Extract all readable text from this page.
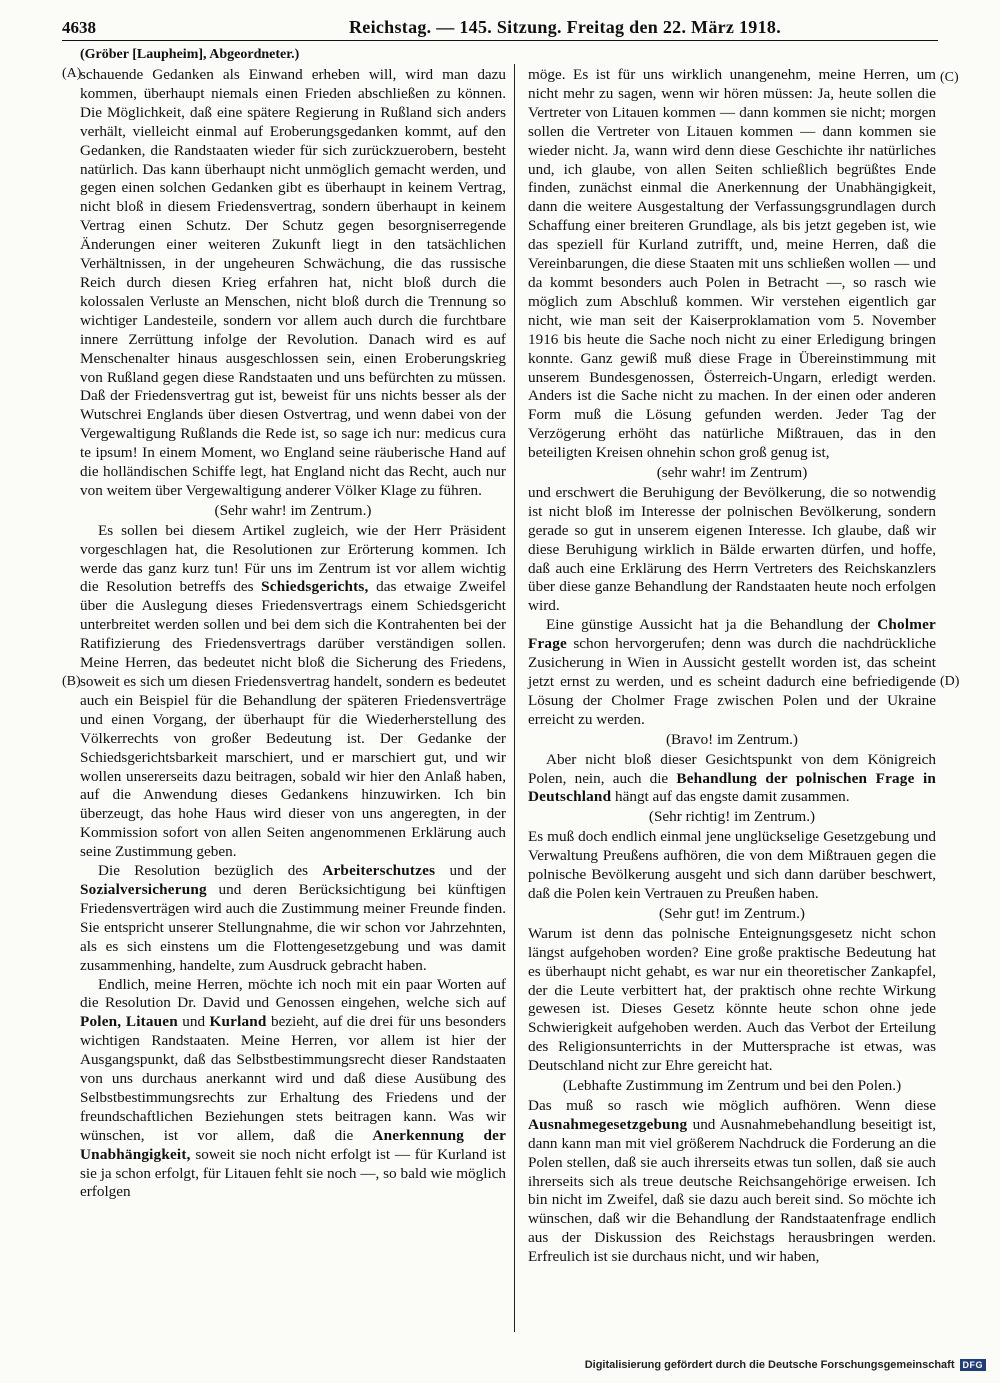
4638	Reichstag. — 145. Sitzung. Freitag den 22. März 1918.
(Gröber [Laupheim], Abgeordneter.)
(A)
(B)
(C)
(D)

schauende Gedanken als Einwand erheben will, wird man dazu kommen, überhaupt niemals einen Frieden abschließen zu können. Die Möglichkeit, daß eine spätere Regierung in Rußland sich anders verhält, vielleicht einmal auf Eroberungsgedanken kommt, auf den Gedanken, die Randstaaten wieder für sich zurückzuerobern, besteht natürlich. Das kann überhaupt nicht unmöglich gemacht werden, und gegen einen solchen Gedanken gibt es überhaupt in keinem Vertrag, nicht bloß in diesem Friedensvertrag, sondern überhaupt in keinem Vertrag einen Schutz. Der Schutz gegen besorgniserregende Änderungen einer weiteren Zukunft liegt in den tatsächlichen Verhältnissen, in der ungeheuren Schwächung, die das russische Reich durch diesen Krieg erfahren hat, nicht bloß durch die kolossalen Verluste an Menschen, nicht bloß durch die Trennung so wichtiger Landesteile, sondern vor allem auch durch die furchtbare innere Zerrüttung infolge der Revolution. Danach wird es auf Menschenalter hinaus ausgeschlossen sein, einen Eroberungskrieg von Rußland gegen diese Randstaaten und uns befürchten zu müssen. Daß der Friedensvertrag gut ist, beweist für uns nichts besser als der Wutschrei Englands über diesen Ostvertrag, und wenn dabei von der Vergewaltigung Rußlands die Rede ist, so sage ich nur: medicus cura te ipsum! In einem Moment, wo England seine räuberische Hand auf die holländischen Schiffe legt, hat England nicht das Recht, auch nur von weitem über Vergewaltigung anderer Völker Klage zu führen.

(Sehr wahr! im Zentrum.)

Es sollen bei diesem Artikel zugleich, wie der Herr Präsident vorgeschlagen hat, die Resolutionen zur Erörterung kommen. Ich werde das ganz kurz tun! Für uns im Zentrum ist vor allem wichtig die Resolution betreffs des Schiedsgerichts, das etwaige Zweifel über die Auslegung dieses Friedensvertrags einem Schiedsgericht unterbreitet werden sollen und bei dem sich die Kontrahenten bei der Ratifizierung des Friedensvertrags darüber verständigen sollen. Meine Herren, das bedeutet nicht bloß die Sicherung des Friedens, soweit es sich um diesen Friedensvertrag handelt, sondern es bedeutet auch ein Beispiel für die Behandlung der späteren Friedensverträge und einen Vorgang, der überhaupt für die Wiederherstellung des Völkerrechts von großer Bedeutung ist. Der Gedanke der Schiedsgerichtsbarkeit marschiert, und er marschiert gut, und wir wollen unsererseits dazu beitragen, sobald wir hier den Anlaß haben, auf die Anwendung dieses Gedankens hinzuwirken. Ich bin überzeugt, das hohe Haus wird dieser von uns angeregten, in der Kommission sofort von allen Seiten angenommenen Erklärung auch seine Zustimmung geben.

Die Resolution bezüglich des Arbeiterschutzes und der Sozialversicherung und deren Berücksichtigung bei künftigen Friedensverträgen wird auch die Zustimmung meiner Freunde finden. Sie entspricht unserer Stellungnahme, die wir schon vor Jahrzehnten, als es sich einstens um die Flottengesetzgebung und was damit zusammenhing, handelte, zum Ausdruck gebracht haben.

Endlich, meine Herren, möchte ich noch mit ein paar Worten auf die Resolution Dr. David und Genossen eingehen, welche sich auf Polen, Litauen und Kurland bezieht, auf die drei für uns besonders wichtigen Randstaaten. Meine Herren, vor allem ist hier der Ausgangspunkt, daß das Selbstbestimmungsrecht dieser Randstaaten von uns durchaus anerkannt wird und daß diese Ausübung des Selbstbestimmungsrechts zur Erhaltung des Friedens und der freundschaftlichen Beziehungen stets beitragen kann. Was wir wünschen, ist vor allem, daß die Anerkennung der Unabhängigkeit, soweit sie noch nicht erfolgt ist — für Kurland ist sie ja schon erfolgt, für Litauen fehlt sie noch —, so bald wie möglich erfolgen

möge. Es ist für uns wirklich unangenehm, meine Herren, um nicht mehr zu sagen, wenn wir hören müssen: Ja, heute sollen die Vertreter von Litauen kommen — dann kommen sie nicht; morgen sollen die Vertreter von Litauen kommen — dann kommen sie wieder nicht. Ja, wann wird denn diese Geschichte ihr natürliches und, ich glaube, von allen Seiten schließlich begrüßtes Ende finden, zunächst einmal die Anerkennung der Unabhängigkeit, dann die weitere Ausgestaltung der Verfassungsgrundlagen durch Schaffung einer breiteren Grundlage, als bis jetzt gegeben ist, wie das speziell für Kurland zutrifft, und, meine Herren, daß die Vereinbarungen, die diese Staaten mit uns schließen wollen — und da kommt besonders auch Polen in Betracht —, so rasch wie möglich zum Abschluß kommen. Wir verstehen eigentlich gar nicht, wie man seit der Kaiserproklamation vom 5. November 1916 bis heute die Sache noch nicht zu einer Erledigung bringen konnte. Ganz gewiß muß diese Frage in Übereinstimmung mit unserem Bundesgenossen, Österreich-Ungarn, erledigt werden. Anders ist die Sache nicht zu machen. In der einen oder anderen Form muß die Lösung gefunden werden. Jeder Tag der Verzögerung erhöht das natürliche Mißtrauen, das in den beteiligten Kreisen ohnehin schon groß genug ist,

(sehr wahr! im Zentrum)

und erschwert die Beruhigung der Bevölkerung, die so notwendig ist nicht bloß im Interesse der polnischen Bevölkerung, sondern gerade so gut in unserem eigenen Interesse. Ich glaube, daß wir diese Beruhigung wirklich in Bälde erwarten dürfen, und hoffe, daß auch eine Erklärung des Herrn Vertreters des Reichskanzlers über diese ganze Behandlung der Randstaaten heute noch erfolgen wird.

Eine günstige Aussicht hat ja die Behandlung der Cholmer Frage schon hervorgerufen; denn was durch die nachdrückliche Zusicherung in Wien in Aussicht gestellt worden ist, das scheint jetzt ernst zu werden, und es scheint dadurch eine befriedigende Lösung der Cholmer Frage zwischen Polen und der Ukraine erreicht zu werden.

(Bravo! im Zentrum.)

Aber nicht bloß dieser Gesichtspunkt von dem Königreich Polen, nein, auch die Behandlung der polnischen Frage in Deutschland hängt auf das engste damit zusammen.

(Sehr richtig! im Zentrum.)

Es muß doch endlich einmal jene unglückselige Gesetzgebung und Verwaltung Preußens aufhören, die von dem Mißtrauen gegen die polnische Bevölkerung ausgeht und sich dann darüber beschwert, daß die Polen kein Vertrauen zu Preußen haben.

(Sehr gut! im Zentrum.)

Warum ist denn das polnische Enteignungsgesetz nicht schon längst aufgehoben worden? Eine große praktische Bedeutung hat es überhaupt nicht gehabt, es war nur ein theoretischer Zankapfel, der die Leute verbittert hat, der praktisch ohne rechte Wirkung gewesen ist. Dieses Gesetz könnte heute schon ohne jede Schwierigkeit aufgehoben werden. Auch das Verbot der Erteilung des Religionsunterrichts in der Muttersprache ist etwas, was Deutschland nicht zur Ehre gereicht hat.

(Lebhafte Zustimmung im Zentrum und bei den Polen.)

Das muß so rasch wie möglich aufhören. Wenn diese Ausnahmegesetzgebung und Ausnahmebehandlung beseitigt ist, dann kann man mit viel größerem Nachdruck die Forderung an die Polen stellen, daß sie auch ihrerseits etwas tun sollen, daß sie auch ihrerseits sich als treue deutsche Reichsangehörige erweisen. Ich bin nicht im Zweifel, daß sie dazu auch bereit sind. So möchte ich wünschen, daß wir die Behandlung der Randstaatenfrage endlich aus der Diskussion des Reichstags herausbringen werden. Erfreulich ist sie durchaus nicht, und wir haben,

Digitalisierung gefördert durch die Deutsche Forschungsgemeinschaft DFG
